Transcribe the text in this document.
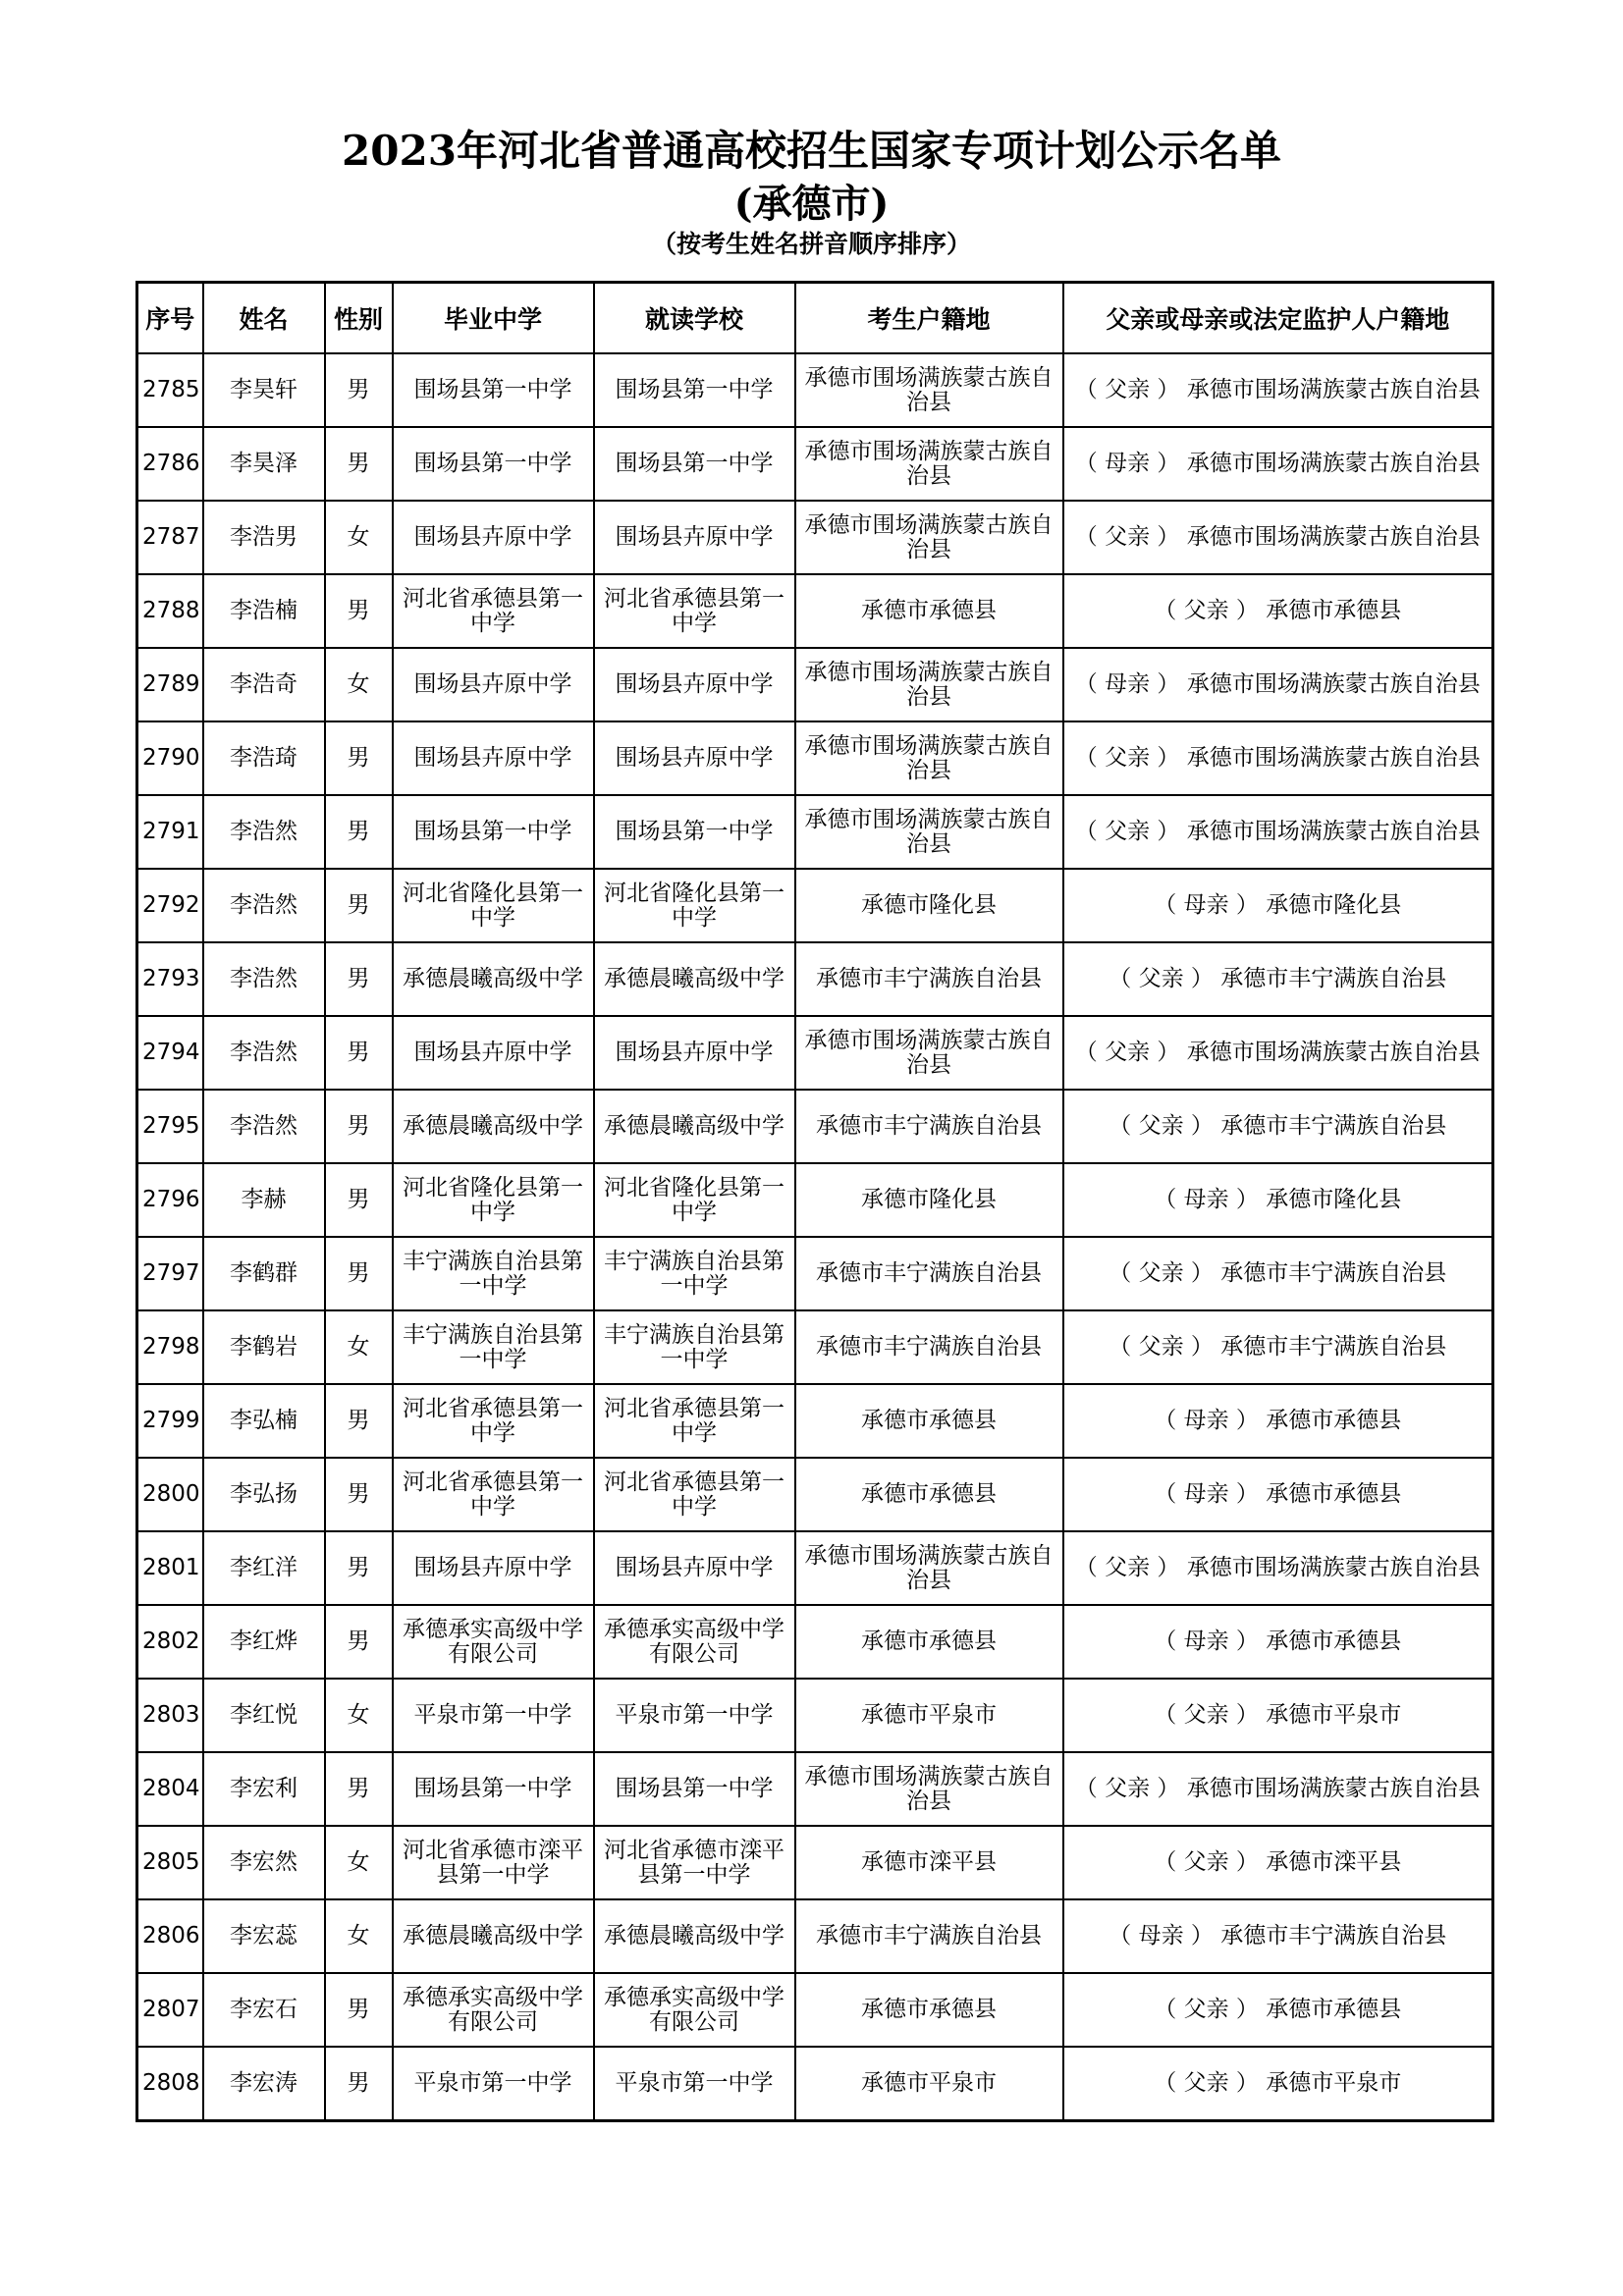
2023年河北省普通高校招生国家专项计划公示名单
(承德市)
（按考生姓名拼音顺序排序）
序号	姓名	性别	毕业中学	就读学校	考生户籍地	父亲或母亲或法定监护人户籍地
2785	李昊轩	男	围场县第一中学	围场县第一中学	承德市围场满族蒙古族自治县	（ 父亲 ） 承德市围场满族蒙古族自治县
2786	李昊泽	男	围场县第一中学	围场县第一中学	承德市围场满族蒙古族自治县	（ 母亲 ） 承德市围场满族蒙古族自治县
2787	李浩男	女	围场县卉原中学	围场县卉原中学	承德市围场满族蒙古族自治县	（ 父亲 ） 承德市围场满族蒙古族自治县
2788	李浩楠	男	河北省承德县第一中学	河北省承德县第一中学	承德市承德县	（ 父亲 ） 承德市承德县
2789	李浩奇	女	围场县卉原中学	围场县卉原中学	承德市围场满族蒙古族自治县	（ 母亲 ） 承德市围场满族蒙古族自治县
2790	李浩琦	男	围场县卉原中学	围场县卉原中学	承德市围场满族蒙古族自治县	（ 父亲 ） 承德市围场满族蒙古族自治县
2791	李浩然	男	围场县第一中学	围场县第一中学	承德市围场满族蒙古族自治县	（ 父亲 ） 承德市围场满族蒙古族自治县
2792	李浩然	男	河北省隆化县第一中学	河北省隆化县第一中学	承德市隆化县	（ 母亲 ） 承德市隆化县
2793	李浩然	男	承德晨曦高级中学	承德晨曦高级中学	承德市丰宁满族自治县	（ 父亲 ） 承德市丰宁满族自治县
2794	李浩然	男	围场县卉原中学	围场县卉原中学	承德市围场满族蒙古族自治县	（ 父亲 ） 承德市围场满族蒙古族自治县
2795	李浩然	男	承德晨曦高级中学	承德晨曦高级中学	承德市丰宁满族自治县	（ 父亲 ） 承德市丰宁满族自治县
2796	李赫	男	河北省隆化县第一中学	河北省隆化县第一中学	承德市隆化县	（ 母亲 ） 承德市隆化县
2797	李鹤群	男	丰宁满族自治县第一中学	丰宁满族自治县第一中学	承德市丰宁满族自治县	（ 父亲 ） 承德市丰宁满族自治县
2798	李鹤岩	女	丰宁满族自治县第一中学	丰宁满族自治县第一中学	承德市丰宁满族自治县	（ 父亲 ） 承德市丰宁满族自治县
2799	李弘楠	男	河北省承德县第一中学	河北省承德县第一中学	承德市承德县	（ 母亲 ） 承德市承德县
2800	李弘扬	男	河北省承德县第一中学	河北省承德县第一中学	承德市承德县	（ 母亲 ） 承德市承德县
2801	李红洋	男	围场县卉原中学	围场县卉原中学	承德市围场满族蒙古族自治县	（ 父亲 ） 承德市围场满族蒙古族自治县
2802	李红烨	男	承德承实高级中学有限公司	承德承实高级中学有限公司	承德市承德县	（ 母亲 ） 承德市承德县
2803	李红悦	女	平泉市第一中学	平泉市第一中学	承德市平泉市	（ 父亲 ） 承德市平泉市
2804	李宏利	男	围场县第一中学	围场县第一中学	承德市围场满族蒙古族自治县	（ 父亲 ） 承德市围场满族蒙古族自治县
2805	李宏然	女	河北省承德市滦平县第一中学	河北省承德市滦平县第一中学	承德市滦平县	（ 父亲 ） 承德市滦平县
2806	李宏蕊	女	承德晨曦高级中学	承德晨曦高级中学	承德市丰宁满族自治县	（ 母亲 ） 承德市丰宁满族自治县
2807	李宏石	男	承德承实高级中学有限公司	承德承实高级中学有限公司	承德市承德县	（ 父亲 ） 承德市承德县
2808	李宏涛	男	平泉市第一中学	平泉市第一中学	承德市平泉市	（ 父亲 ） 承德市平泉市
